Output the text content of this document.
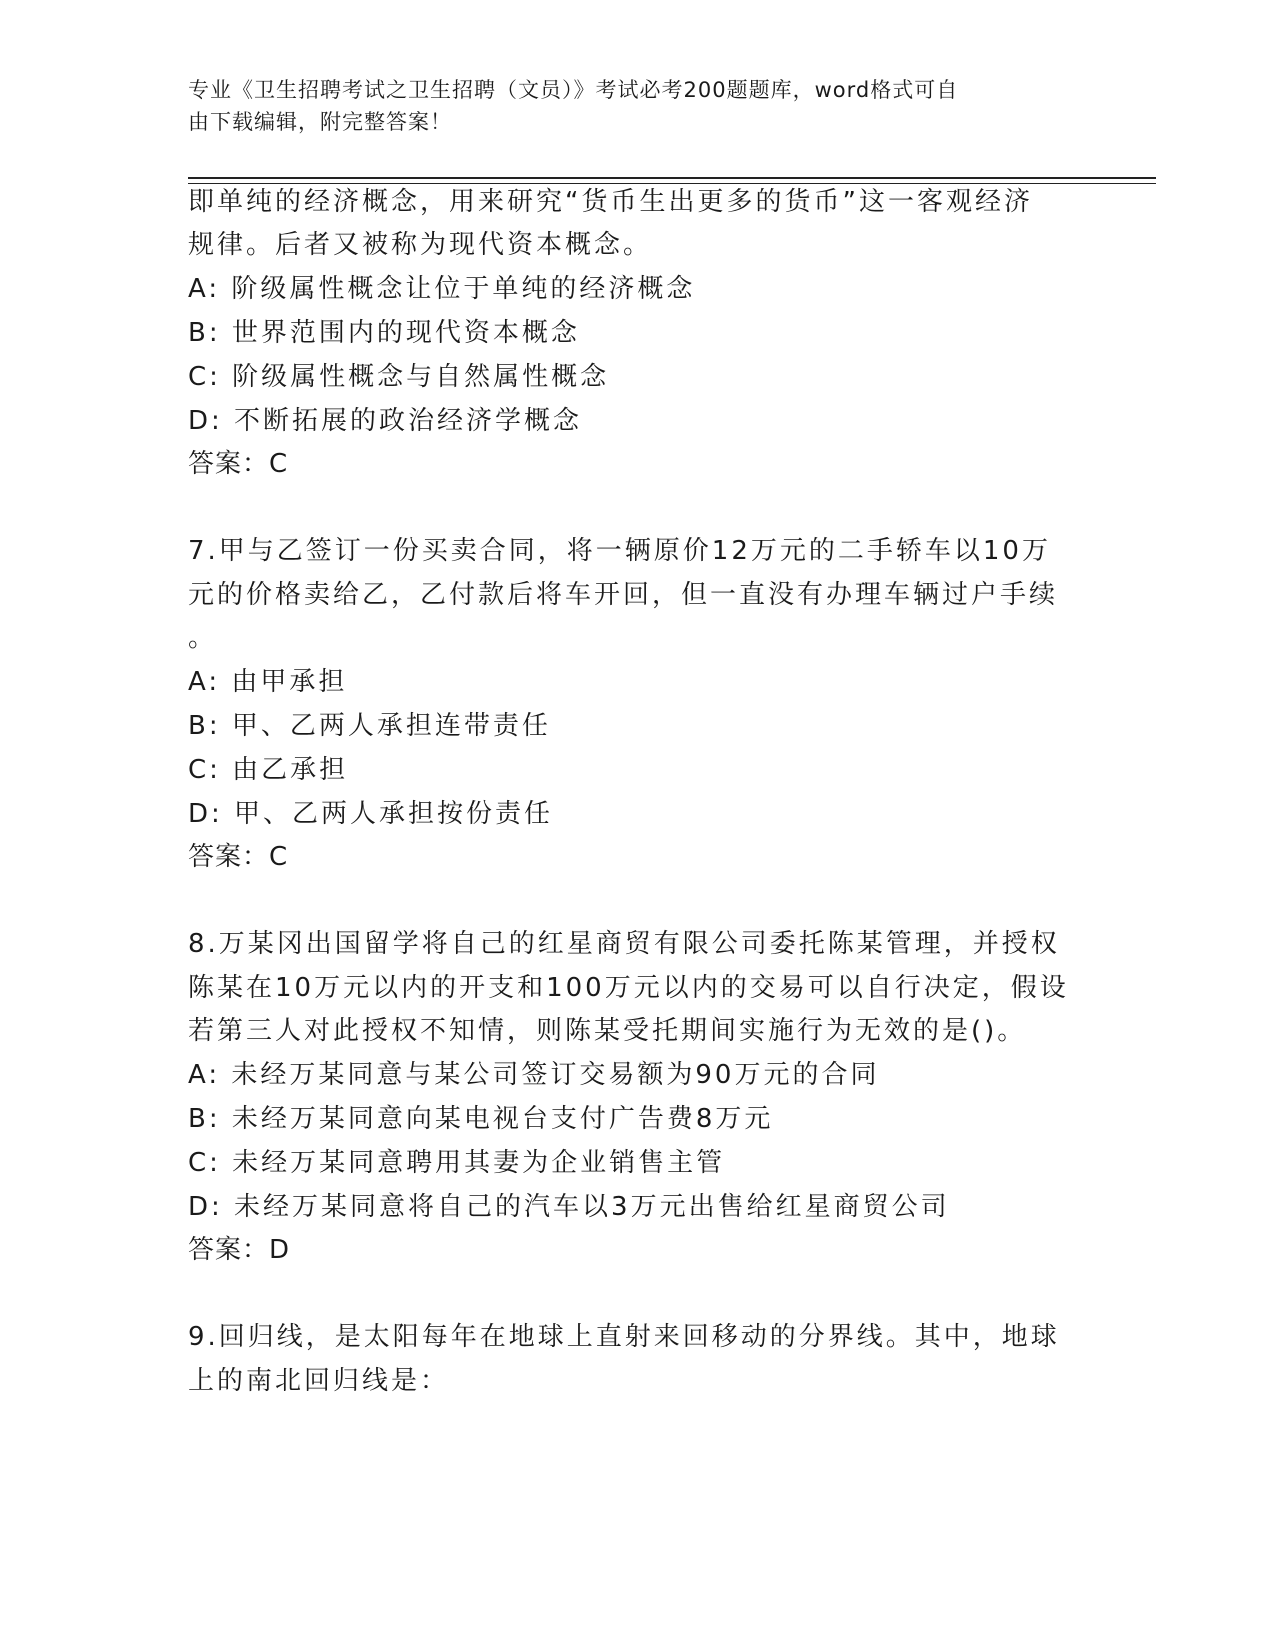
专业《卫生招聘考试之卫生招聘（文员）》考试必考200题题库，word格式可自
由下载编辑，附完整答案！
即单纯的经济概念，用来研究“货币生出更多的货币”这一客观经济
规律。后者又被称为现代资本概念。
A: 阶级属性概念让位于单纯的经济概念
B: 世界范围内的现代资本概念
C: 阶级属性概念与自然属性概念
D: 不断拓展的政治经济学概念
答案：C
7.甲与乙签订一份买卖合同，将一辆原价12万元的二手轿车以10万
元的价格卖给乙，乙付款后将车开回，但一直没有办理车辆过户手续
。
A: 由甲承担
B: 甲、乙两人承担连带责任
C: 由乙承担
D: 甲、乙两人承担按份责任
答案：C
8.万某冈出国留学将自己的红星商贸有限公司委托陈某管理，并授权
陈某在10万元以内的开支和100万元以内的交易可以自行决定，假设
若第三人对此授权不知情，则陈某受托期间实施行为无效的是()。
A: 未经万某同意与某公司签订交易额为90万元的合同
B: 未经万某同意向某电视台支付广告费8万元
C: 未经万某同意聘用其妻为企业销售主管
D: 未经万某同意将自己的汽车以3万元出售给红星商贸公司
答案：D
9.回归线，是太阳每年在地球上直射来回移动的分界线。其中，地球
上的南北回归线是：
